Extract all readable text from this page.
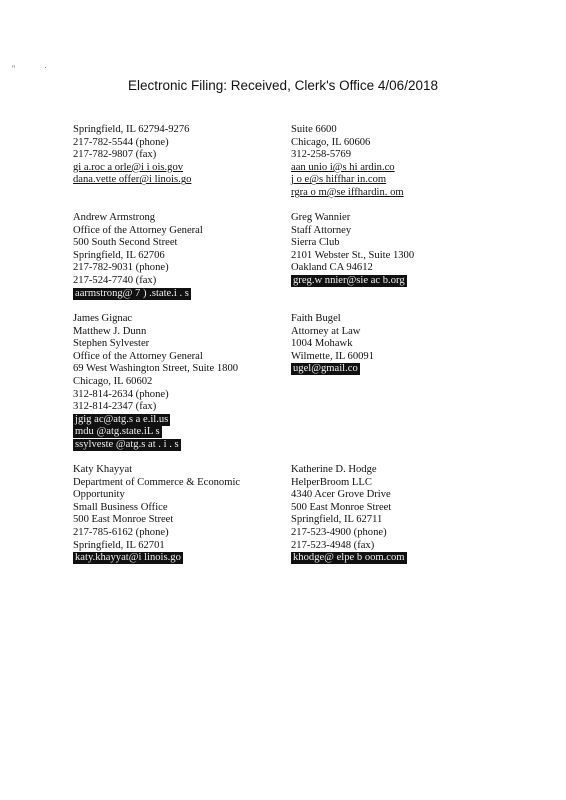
"	·
Electronic Filing: Received, Clerk's Office 4/06/2018
Springfield, IL 62794-9276
217-782-5544 (phone)
217-782-9807 (fax)
gi a.roc a orle@i i ois.gov
dana.vette offer@i linois.go
Suite 6600
Chicago, IL 60606
312-258-5769
aan unio i@s hi ardin.co
j o e@s hiffhar in.com
rgra o m@se iffhardin. om
Andrew Armstrong
Office of the Attorney General
500 South Second Street
Springfield, IL 62706
217-782-9031 (phone)
217-524-7740 (fax)
aarmstrong@ 7 ) .state.i . s
Greg Wannier
Staff Attorney
Sierra Club
2101 Webster St., Suite 1300
Oakland CA 94612
greg.w nnier@sie ac b.org
James Gignac
Matthew J. Dunn
Stephen Sylvester
Office of the Attorney General
69 West Washington Street, Suite 1800
Chicago, IL 60602
312-814-2634 (phone)
312-814-2347 (fax)
jgig ac@atg.s a e.il.us
mdu @atg.state.iL s
ssylveste @atg.s at . i . s
Faith Bugel
Attorney at Law
1004 Mohawk
Wilmette, IL 60091
ugel@gmail.co
Katy Khayyat
Department of Commerce & Economic
Opportunity
Small Business Office
500 East Monroe Street
217-785-6162 (phone)
Springfield, IL 62701
katy.khayyat@i linois.go
Katherine D. Hodge
HelperBroom LLC
4340 Acer Grove Drive
500 East Monroe Street
Springfield, IL 62711
217-523-4900 (phone)
217-523-4948 (fax)
khodge@ elpe b oom.com
